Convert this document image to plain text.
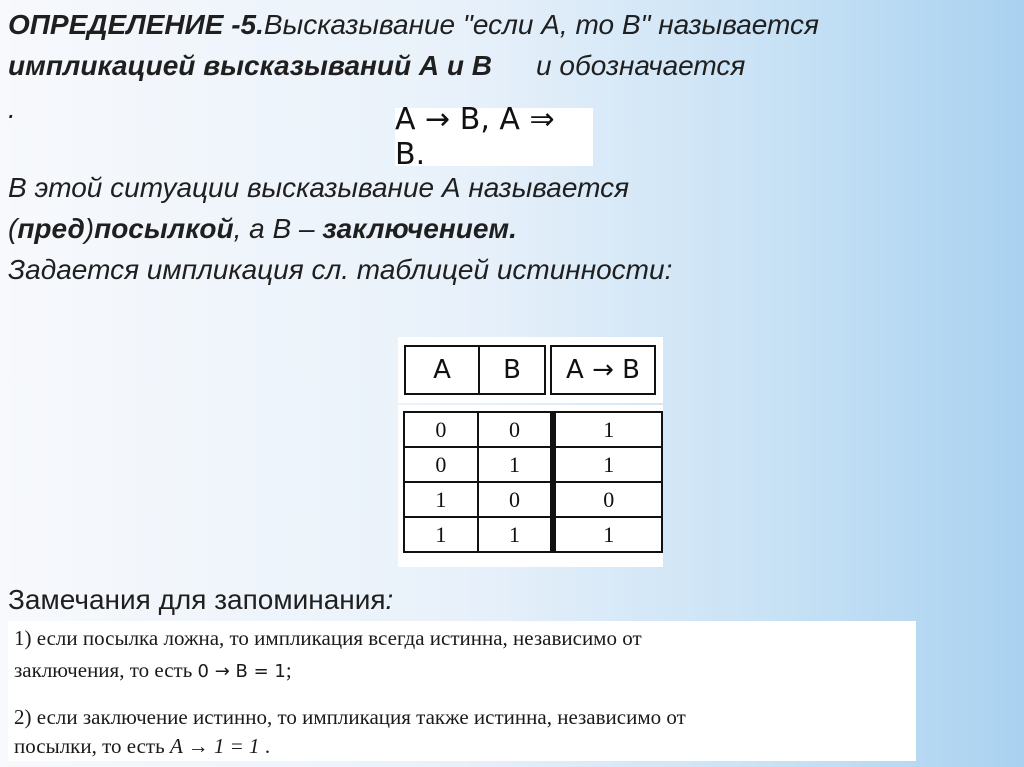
ОПРЕДЕЛЕНИЕ -5.Высказывание "если А, то В" называется
импликацией высказываний А и В и обозначается
.	A → B, A ⇒ B.
В этой ситуации высказывание А называется
(пред)посылкой, а В – заключением.
Задается импликация сл. таблицей истинности:
A	B	A → B
0	0	1
0	1	1
1	0	0
1	1	1
Замечания для запоминания:
1) если посылка ложна, то импликация всегда истинна, независимо от
заключения, то есть 0 → B = 1;
2) если заключение истинно, то импликация также истинна, независимо от
посылки, то есть A → 1 = 1 .
